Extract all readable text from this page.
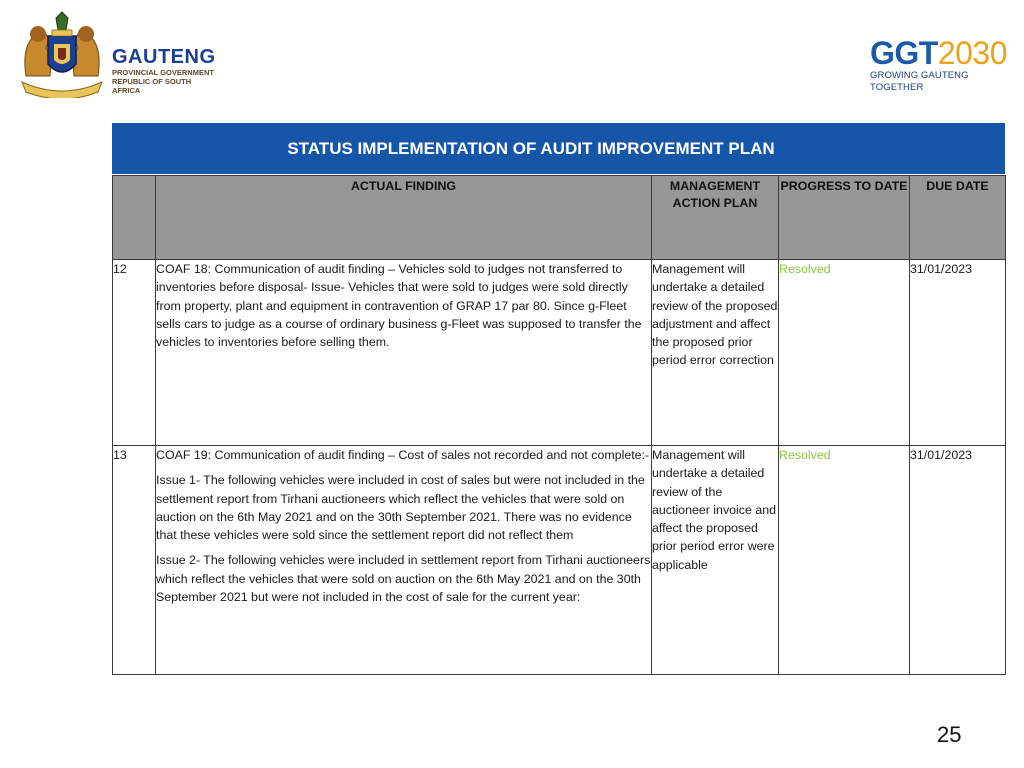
GAUTENG
PROVINCIAL GOVERNMENT
REPUBLIC OF SOUTH AFRICA
GGT2030
GROWING GAUTENG TOGETHER
STATUS IMPLEMENTATION OF AUDIT IMPROVEMENT PLAN
	ACTUAL FINDING	MANAGEMENT ACTION PLAN	PROGRESS TO DATE	DUE DATE
12	COAF 18: Communication of audit finding – Vehicles sold to judges not transferred to inventories before disposal- Issue- Vehicles that were sold to judges were sold directly from property, plant and equipment in contravention of GRAP 17 par 80. Since g-Fleet sells cars to judge as a course of ordinary business g-Fleet was supposed to transfer the vehicles to inventories before selling them.	Management will undertake a detailed review of the proposed adjustment and affect the proposed prior period error correction	Resolved	31/01/2023
13	COAF 19: Communication of audit finding – Cost of sales not recorded and not complete:-

Issue 1- The following vehicles were included in cost of sales but were not included in the settlement report from Tirhani auctioneers which reflect the vehicles that were sold on auction on the 6th May 2021 and on the 30th September 2021. There was no evidence that these vehicles were sold since the settlement report did not reflect them

Issue 2- The following vehicles were included in settlement report from Tirhani auctioneers which reflect the vehicles that were sold on auction on the 6th May 2021 and on the 30th September 2021 but were not included in the cost of sale for the current year:	Management will undertake a detailed review of the auctioneer invoice and affect the proposed prior period error were applicable	Resolved	31/01/2023
25
